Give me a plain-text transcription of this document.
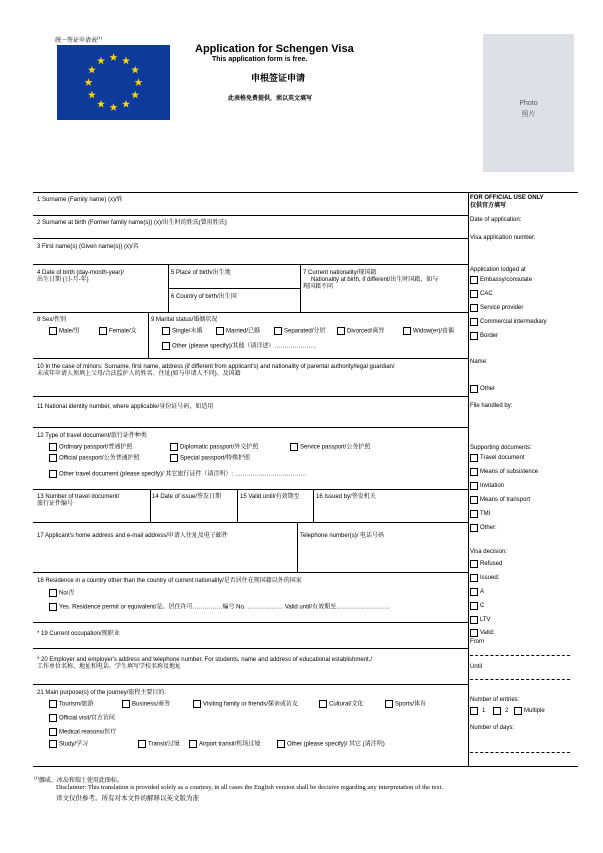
统一签证申请表$^{(1)}$
Application for Schengen Visa
This application form is free.
申根签证申请
此表格免费提供，须以英文填写
Photo
照片
1 Surname (Family name) (x)/姓
2 Surname at birth (Former family name(s)) (x)/出生时的姓氏(曾用姓氏)
3 First name(s) (Given name(s)) (x)/名
4 Date of birth (day-month-year)/
出生日期 (日-月-年)
5 Place of birth/出生地
6 Country of birth/出生国
7 Current nationality/现国籍
Nationality at birth, if different/出生时国籍，如与
现国籍不同
8 Sex/性别
Male/男	Female/女
9 Marital status/婚姻状况
Single/未婚	Married/已婚	Separated/分居	Divorced/离异	Widow(er)/丧偶
Other (please specify)/其他（请详述）…………………
10 In the case of minors: Surname, first name, address (if different from applicant's) and nationality of parental authority/legal guardian/
未成年申请人须填上父母/合法监护人的姓名、住址(如与申请人不同)、及国籍
11 National identity number, where applicable/身份证号码，如适用
12 Type of travel document/旅行证件种类
Ordinary passport/普通护照	Diplomatic passport/外交护照	Service passport/公务护照
Official passport/公务普通护照	Special passport/特殊护照
Other travel document (please specify)/ 其它旅行证件（请注明）: ………………………………
13 Number of travel document/
旅行证件编号
14 Date of issue/签发日期	15 Valid until/有效期至	16 Issued by/签发机关
17 Applicant's home address and e-mail address/申请人住址及电子邮件	Telephone number(s)/ 电话号码
18 Residence in a country other than the country of current nationality/是否居住在现国籍以外的国家
No/否
Yes. Residence permit or equivalent/是。居住许可……………编号 No. ……………… Valid until/有效期至………………………
* 19 Current occupation/现职业
* 20 Employer and employer's address and telephone number. For students, name and address of educational establishment./
工作单位名称、地址和电话。学生填写学校名称及地址
21 Main purpose(s) of the journey/旅程主要目的:
Tourism/旅游	Business/商务	Visiting family or friends/探亲或访友	Cultural/文化	Sports/体育
Official visit/官方访问
Medical reasons/医疗
Study/学习	Transit/过境	Airport transit/机场过境	Other (please specify)/ 其它 (请注明)
FOR OFFICIAL USE ONLY
仅供官方填写
Date of application:
Visa application number:
Application lodged at
Embassy/consulate
CAC
Service provider
Commercial intermediary
Border
Name:
Other
File handled by:
Supporting documents:
Travel document
Means of subsistence
Invitation
Means of transport
TMI
Other:
Visa decision:
Refused
Issued:
A
C
LTV
Valid:
From
Until
Number of entries:
1	2	Multiple
Number of days:
$^{(1)}$挪威、冰岛和瑞士使用此图标。
Disclaimer: This translation is provided solely as a courtesy, in all cases the English version shall be decisive regarding any interpretation of the text.
译文仅供参考。所有对本文件的解释以英文版为准
